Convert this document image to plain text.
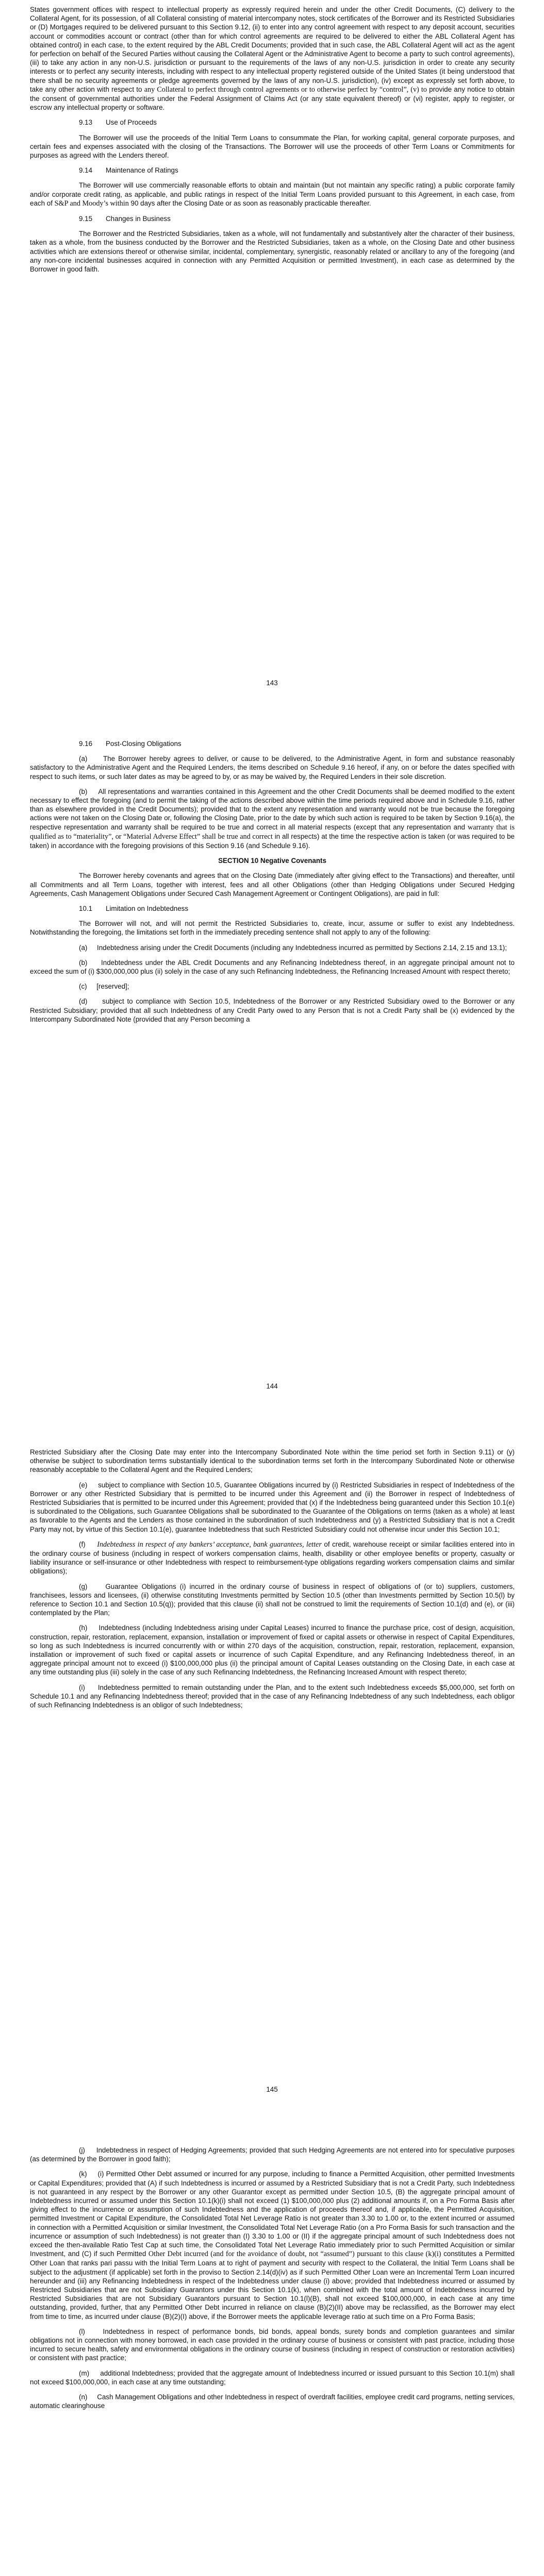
States government offices with respect to intellectual property as expressly required herein and under the other Credit Documents, (C) delivery to the Collateral Agent, for its possession, of all Collateral consisting of material intercompany notes, stock certificates of the Borrower and its Restricted Subsidiaries or (D) Mortgages required to be delivered pursuant to this Section 9.12, (ii) to enter into any control agreement with respect to any deposit account, securities account or commodities account or contract (other than for which control agreements are required to be delivered to either the ABL Collateral Agent has obtained control) in each case, to the extent required by the ABL Credit Documents; provided that in such case, the ABL Collateral Agent will act as the agent for perfection on behalf of the Secured Parties without causing the Collateral Agent or the Administrative Agent to become a party to such control agreements), (iii) to take any action in any non-U.S. jurisdiction or pursuant to the requirements of the laws of any non-U.S. jurisdiction in order to create any security interests or to perfect any security interests, including with respect to any intellectual property registered outside of the United States (it being understood that there shall be no security agreements or pledge agreements governed by the laws of any non-U.S. jurisdiction), (iv) except as expressly set forth above, to take any other action with respect to any Collateral to perfect through control agreements or to otherwise perfect by “control”, (v) to provide any notice to obtain the consent of governmental authorities under the Federal Assignment of Claims Act (or any state equivalent thereof) or (vi) register, apply to register, or escrow any intellectual property or software.

9.13 Use of Proceeds

The Borrower will use the proceeds of the Initial Term Loans to consummate the Plan, for working capital, general corporate purposes, and certain fees and expenses associated with the closing of the Transactions. The Borrower will use the proceeds of other Term Loans or Commitments for purposes as agreed with the Lenders thereof.

9.14 Maintenance of Ratings

The Borrower will use commercially reasonable efforts to obtain and maintain (but not maintain any specific rating) a public corporate family and/or corporate credit rating, as applicable, and public ratings in respect of the Initial Term Loans provided pursuant to this Agreement, in each case, from each of S&P and Moody’s within 90 days after the Closing Date or as soon as reasonably practicable thereafter.

9.15 Changes in Business

The Borrower and the Restricted Subsidiaries, taken as a whole, will not fundamentally and substantively alter the character of their business, taken as a whole, from the business conducted by the Borrower and the Restricted Subsidiaries, taken as a whole, on the Closing Date and other business activities which are extensions thereof or otherwise similar, incidental, complementary, synergistic, reasonably related or ancillary to any of the foregoing (and any non-core incidental businesses acquired in connection with any Permitted Acquisition or permitted Investment), in each case as determined by the Borrower in good faith.

143
9.16 Post-Closing Obligations

(a)     The Borrower hereby agrees to deliver, or cause to be delivered, to the Administrative Agent, in form and substance reasonably satisfactory to the Administrative Agent and the Required Lenders, the items described on Schedule 9.16 hereof, if any, on or before the dates specified with respect to such items, or such later dates as may be agreed to by, or as may be waived by, the Required Lenders in their sole discretion.

(b)     All representations and warranties contained in this Agreement and the other Credit Documents shall be deemed modified to the extent necessary to effect the foregoing (and to permit the taking of the actions described above within the time periods required above and in Schedule 9.16, rather than as elsewhere provided in the Credit Documents); provided that to the extent any representation and warranty would not be true because the foregoing actions were not taken on the Closing Date or, following the Closing Date, prior to the date by which such action is required to be taken by Section 9.16(a), the respective representation and warranty shall be required to be true and correct in all material respects (except that any representation and warranty that is qualified as to “materiality”, or “Material Adverse Effect” shall be true and correct in all respects) at the time the respective action is taken (or was required to be taken) in accordance with the foregoing provisions of this Section 9.16 (and Schedule 9.16).

SECTION 10 Negative Covenants

The Borrower hereby covenants and agrees that on the Closing Date (immediately after giving effect to the Transactions) and thereafter, until all Commitments and all Term Loans, together with interest, fees and all other Obligations (other than Hedging Obligations under Secured Hedging Agreements, Cash Management Obligations under Secured Cash Management Agreement or Contingent Obligations), are paid in full:

10.1 Limitation on Indebtedness

The Borrower will not, and will not permit the Restricted Subsidiaries to, create, incur, assume or suffer to exist any Indebtedness. Notwithstanding the foregoing, the limitations set forth in the immediately preceding sentence shall not apply to any of the following:

(a)     Indebtedness arising under the Credit Documents (including any Indebtedness incurred as permitted by Sections 2.14, 2.15 and 13.1);

(b)     Indebtedness under the ABL Credit Documents and any Refinancing Indebtedness thereof, in an aggregate principal amount not to exceed the sum of (i) $300,000,000 plus (ii) solely in the case of any such Refinancing Indebtedness, the Refinancing Increased Amount with respect thereto;

(c)     [reserved];

(d)     subject to compliance with Section 10.5, Indebtedness of the Borrower or any Restricted Subsidiary owed to the Borrower or any Restricted Subsidiary; provided that all such Indebtedness of any Credit Party owed to any Person that is not a Credit Party shall be (x) evidenced by the Intercompany Subordinated Note (provided that any Person becoming a

144

Restricted Subsidiary after the Closing Date may enter into the Intercompany Subordinated Note within the time period set forth in Section 9.11) or (y) otherwise be subject to subordination terms substantially identical to the subordination terms set forth in the Intercompany Subordinated Note or otherwise reasonably acceptable to the Collateral Agent and the Required Lenders;

(e)     subject to compliance with Section 10.5, Guarantee Obligations incurred by (i) Restricted Subsidiaries in respect of Indebtedness of the Borrower or any other Restricted Subsidiary that is permitted to be incurred under this Agreement and (ii) the Borrower in respect of Indebtedness of Restricted Subsidiaries that is permitted to be incurred under this Agreement; provided that (x) if the Indebtedness being guaranteed under this Section 10.1(e) is subordinated to the Obligations, such Guarantee Obligations shall be subordinated to the Guarantee of the Obligations on terms (taken as a whole) at least as favorable to the Agents and the Lenders as those contained in the subordination of such Indebtedness and (y) a Restricted Subsidiary that is not a Credit Party may not, by virtue of this Section 10.1(e), guarantee Indebtedness that such Restricted Subsidiary could not otherwise incur under this Section 10.1;

(f) Indebtedness in respect of any bankers’ acceptance, bank guarantees, letter of credit, warehouse receipt or similar facilities entered into in the ordinary course of business (including in respect of workers compensation claims, health, disability or other employee benefits or property, casualty or liability insurance or self-insurance or other Indebtedness with respect to reimbursement-type obligations regarding workers compensation claims and similar obligations);

(g)     Guarantee Obligations (i) incurred in the ordinary course of business in respect of obligations of (or to) suppliers, customers, franchisees, lessors and licensees, (ii) otherwise constituting Investments permitted by Section 10.5 (other than Investments permitted by Section 10.5(l) by reference to Section 10.1 and Section 10.5(q)); provided that this clause (ii) shall not be construed to limit the requirements of Section 10.1(d) and (e), or (iii) contemplated by the Plan;

(h)     Indebtedness (including Indebtedness arising under Capital Leases) incurred to finance the purchase price, cost of design, acquisition, construction, repair, restoration, replacement, expansion, installation or improvement of fixed or capital assets or otherwise in respect of Capital Expenditures, so long as such Indebtedness is incurred concurrently with or within 270 days of the acquisition, construction, repair, restoration, replacement, expansion, installation or improvement of such fixed or capital assets or incurrence of such Capital Expenditure, and any Refinancing Indebtedness thereof, in an aggregate principal amount not to exceed (i) $100,000,000 plus (ii) the principal amount of Capital Leases outstanding on the Closing Date, in each case at any time outstanding plus (iii) solely in the case of any such Refinancing Indebtedness, the Refinancing Increased Amount with respect thereto;

(i)     Indebtedness permitted to remain outstanding under the Plan, and to the extent such Indebtedness exceeds $5,000,000, set forth on Schedule 10.1 and any Refinancing Indebtedness thereof; provided that in the case of any Refinancing Indebtedness of any such Indebtedness, each obligor of such Refinancing Indebtedness is an obligor of such Indebtedness;

145

(j)     Indebtedness in respect of Hedging Agreements; provided that such Hedging Agreements are not entered into for speculative purposes (as determined by the Borrower in good faith);

(k)     (i) Permitted Other Debt assumed or incurred for any purpose, including to finance a Permitted Acquisition, other permitted Investments or Capital Expenditures; provided that (A) if such Indebtedness is incurred or assumed by a Restricted Subsidiary that is not a Credit Party, such Indebtedness is not guaranteed in any respect by the Borrower or any other Guarantor except as permitted under Section 10.5, (B) the aggregate principal amount of Indebtedness incurred or assumed under this Section 10.1(k)(i) shall not exceed (1) $100,000,000 plus (2) additional amounts if, on a Pro Forma Basis after giving effect to the incurrence or assumption of such Indebtedness and the application of proceeds thereof and, if applicable, the Permitted Acquisition, permitted Investment or Capital Expenditure, the Consolidated Total Net Leverage Ratio is not greater than 3.30 to 1.00 or, to the extent incurred or assumed in connection with a Permitted Acquisition or similar Investment, the Consolidated Total Net Leverage Ratio (on a Pro Forma Basis for such transaction and the incurrence or assumption of such Indebtedness) is not greater than (I) 3.30 to 1.00 or (II) if the aggregate principal amount of such Indebtedness does not exceed the then-available Ratio Test Cap at such time, the Consolidated Total Net Leverage Ratio immediately prior to such Permitted Acquisition or similar Investment, and (C) if such Permitted Other Debt incurred (and for the avoidance of doubt, not “assumed”) pursuant to this clause (k)(i) constitutes a Permitted Other Loan that ranks pari passu with the Initial Term Loans at to right of payment and security with respect to the Collateral, the Initial Term Loans shall be subject to the adjustment (if applicable) set forth in the proviso to Section 2.14(d)(iv) as if such Permitted Other Loan were an Incremental Term Loan incurred hereunder and (iii) any Refinancing Indebtedness in respect of the Indebtedness under clause (i) above; provided that Indebtedness incurred or assumed by Restricted Subsidiaries that are not Subsidiary Guarantors under this Section 10.1(k), when combined with the total amount of Indebtedness incurred by Restricted Subsidiaries that are not Subsidiary Guarantors pursuant to Section 10.1(l)(B), shall not exceed $100,000,000, in each case at any time outstanding, provided, further, that any Permitted Other Debt incurred in reliance on clause (B)(2)(II) above may be reclassified, as the Borrower may elect from time to time, as incurred under clause (B)(2)(I) above, if the Borrower meets the applicable leverage ratio at such time on a Pro Forma Basis;

(l)     Indebtedness in respect of performance bonds, bid bonds, appeal bonds, surety bonds and completion guarantees and similar obligations not in connection with money borrowed, in each case provided in the ordinary course of business or consistent with past practice, including those incurred to secure health, safety and environmental obligations in the ordinary course of business (including in respect of construction or restoration activities) or consistent with past practice;

(m)     additional Indebtedness; provided that the aggregate amount of Indebtedness incurred or issued pursuant to this Section 10.1(m) shall not exceed $100,000,000, in each case at any time outstanding;

(n)     Cash Management Obligations and other Indebtedness in respect of overdraft facilities, employee credit card programs, netting services, automatic clearinghouse
